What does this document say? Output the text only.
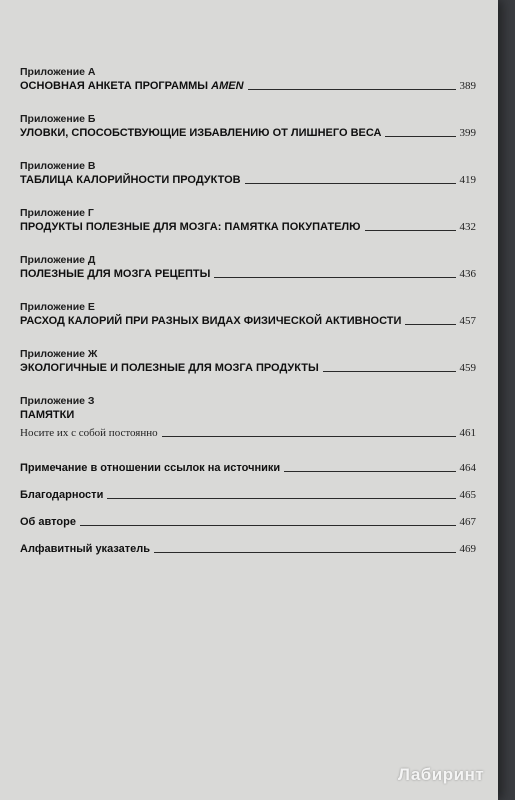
Приложение А
ОСНОВНАЯ АНКЕТА ПРОГРАММЫ AMEN	389
Приложение Б
УЛОВКИ, СПОСОБСТВУЮЩИЕ ИЗБАВЛЕНИЮ ОТ ЛИШНЕГО ВЕСА	399
Приложение В
ТАБЛИЦА КАЛОРИЙНОСТИ ПРОДУКТОВ	419
Приложение Г
ПРОДУКТЫ ПОЛЕЗНЫЕ ДЛЯ МОЗГА: ПАМЯТКА ПОКУПАТЕЛЮ	432
Приложение Д
ПОЛЕЗНЫЕ ДЛЯ МОЗГА РЕЦЕПТЫ	436
Приложение Е
РАСХОД КАЛОРИЙ ПРИ РАЗНЫХ ВИДАХ ФИЗИЧЕСКОЙ АКТИВНОСТИ	457
Приложение Ж
ЭКОЛОГИЧНЫЕ И ПОЛЕЗНЫЕ ДЛЯ МОЗГА ПРОДУКТЫ	459
Приложение З
ПАМЯТКИ
Носите их с собой постоянно	461
Примечание в отношении ссылок на источники	464
Благодарности	465
Об авторе	467
Алфавитный указатель	469
Лабиринт
